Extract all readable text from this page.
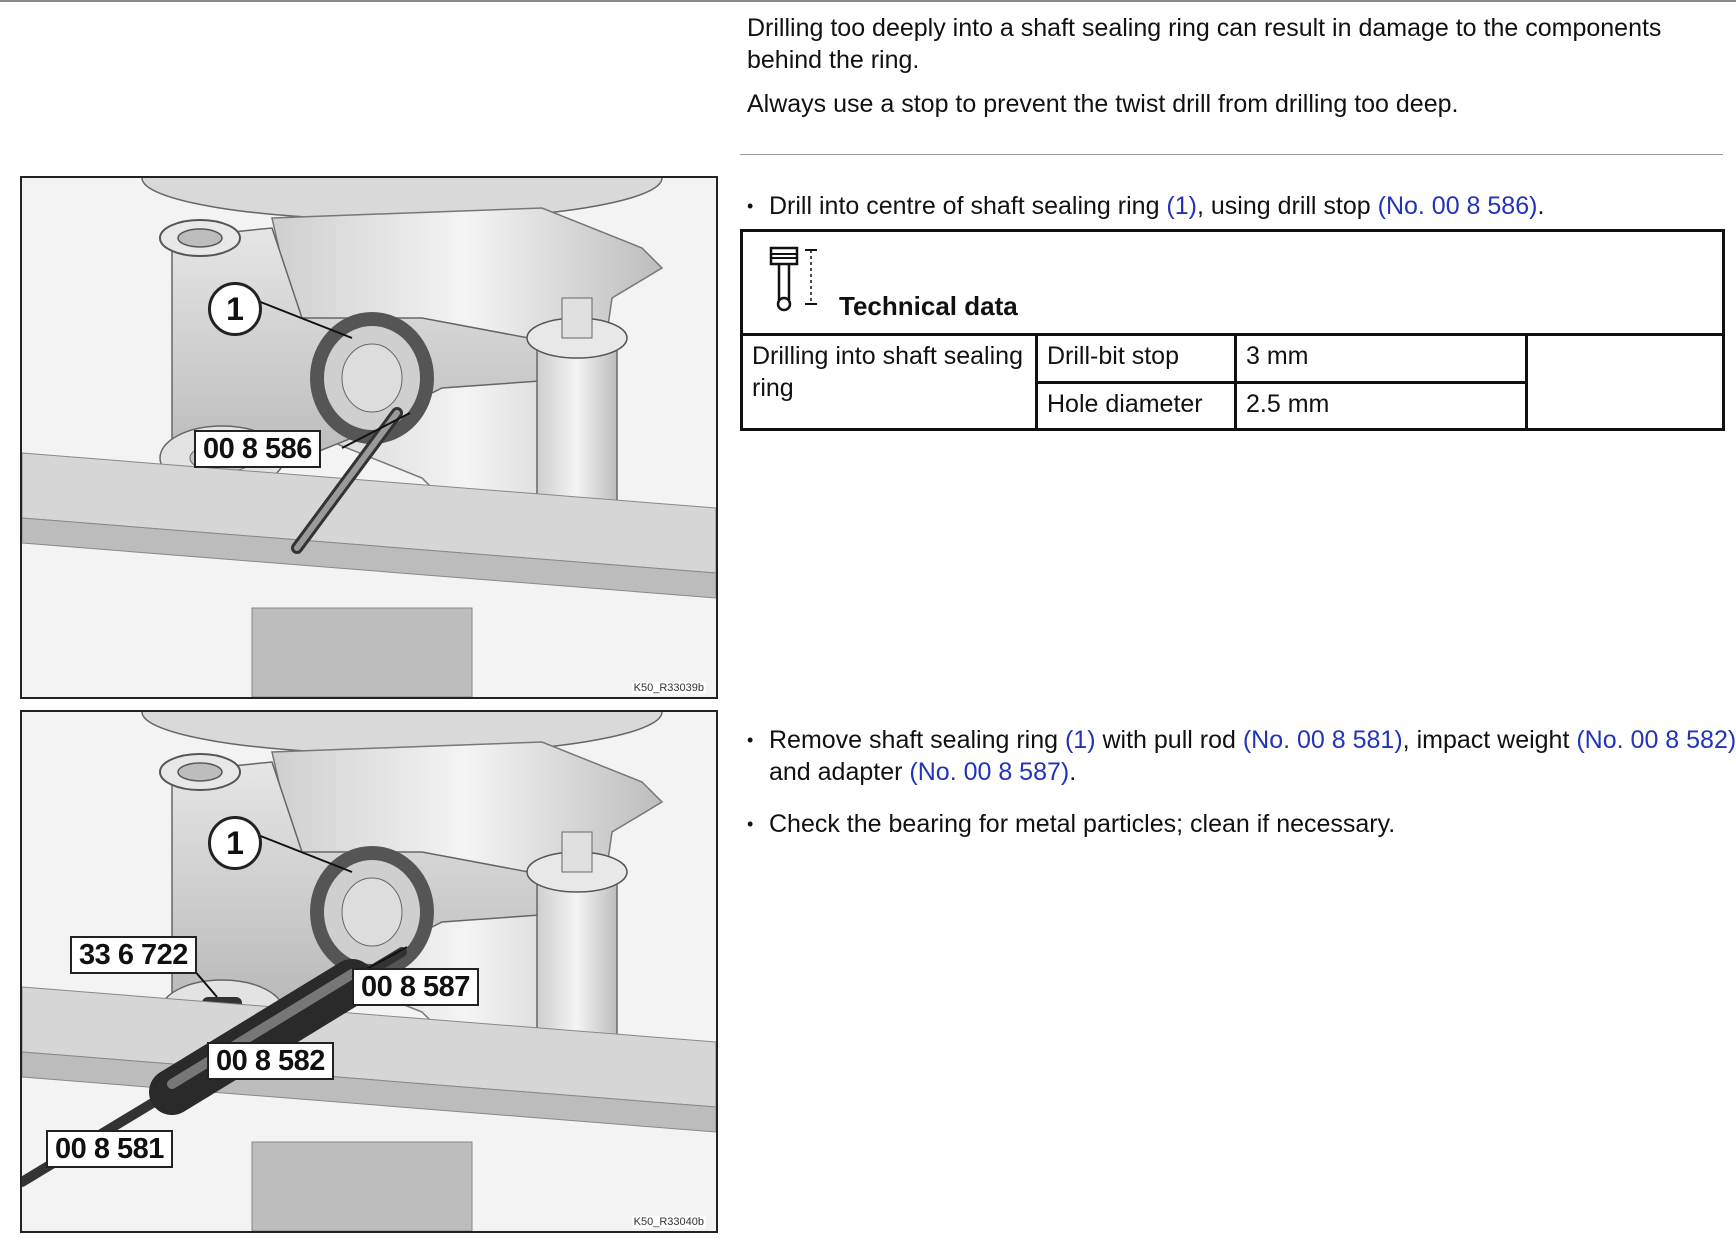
Drilling too deeply into a shaft sealing ring can result in damage to the components behind the ring.

Always use a stop to prevent the twist drill from drilling too deep.

• Drill into centre of shaft sealing ring (1), using drill stop (No. 00 8 586).
Technical data			

Drilling into shaft sealing ring	Drill-bit stop	3 mm	
	Hole diameter	2.5 mm	
1
00 8 586
K50_R33039b
1
33 6 722
00 8 587
00 8 582
00 8 581
K50_R33040b
• Remove shaft sealing ring (1) with pull rod (No. 00 8 581), impact weight (No. 00 8 582) and adapter (No. 00 8 587).
• Check the bearing for metal particles; clean if necessary.
